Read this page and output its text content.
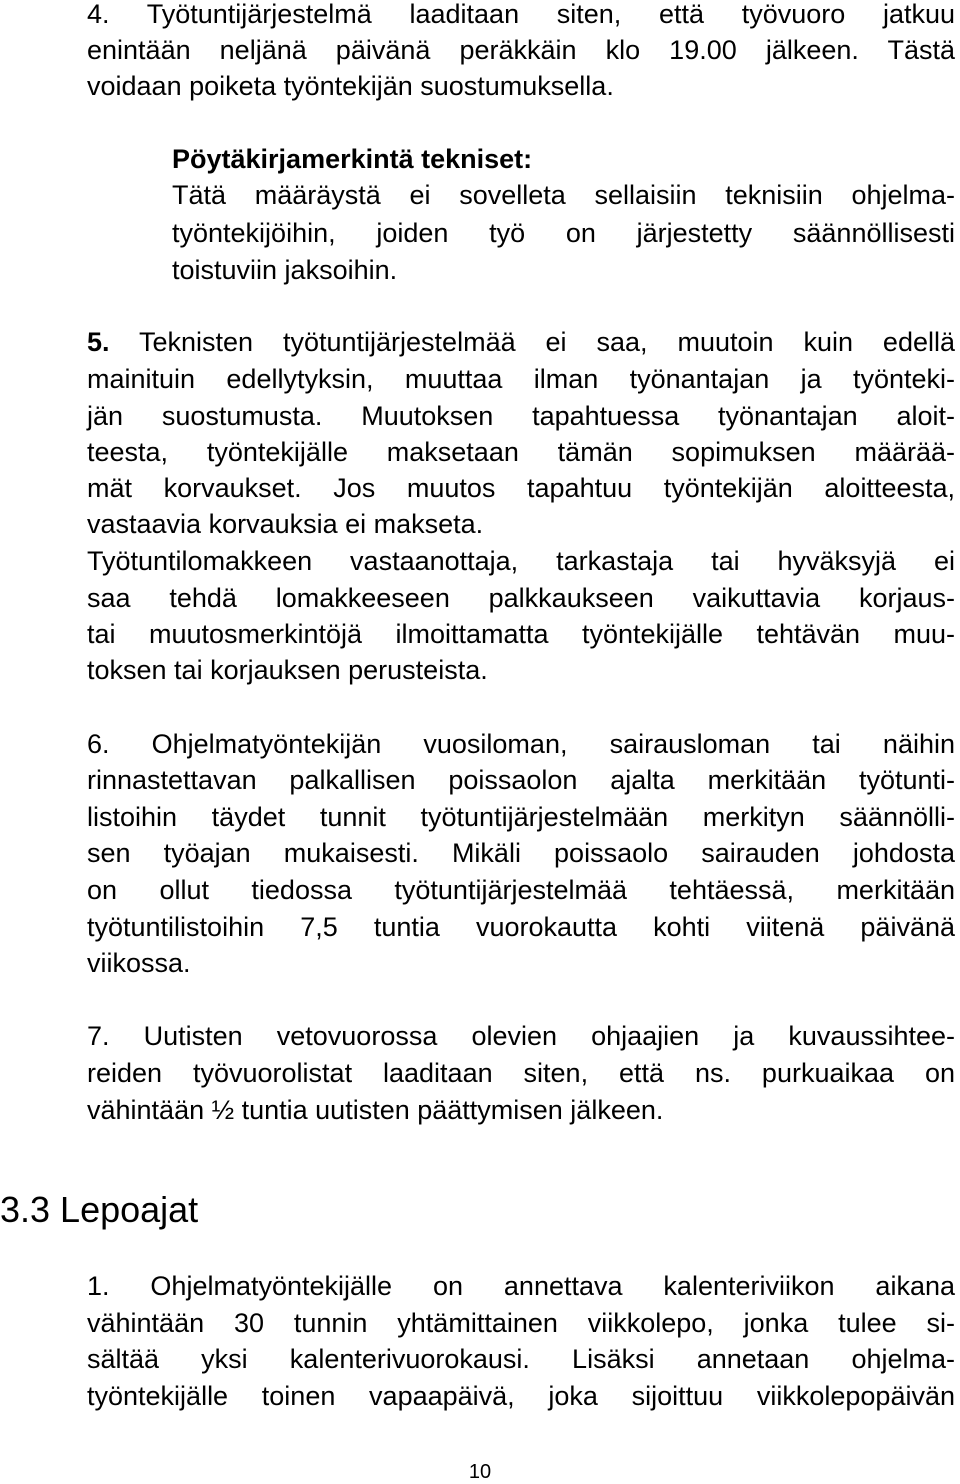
4. Työtuntijärjestelmä laaditaan siten, että työvuoro jatkuu
enintään neljänä päivänä peräkkäin klo 19.00 jälkeen. Tästä
voidaan poiketa työntekijän suostumuksella.
Pöytäkirjamerkintä tekniset:
Tätä määräystä ei sovelleta sellaisiin teknisiin ohjelma-
työntekijöihin, joiden työ on järjestetty säännöllisesti
toistuviin jaksoihin.
5. Teknisten työtuntijärjestelmää ei saa, muutoin kuin edellä
mainituin edellytyksin, muuttaa ilman työnantajan ja työnteki-
jän suostumusta. Muutoksen tapahtuessa työnantajan aloit-
teesta, työntekijälle maksetaan tämän sopimuksen määrää-
mät korvaukset. Jos muutos tapahtuu työntekijän aloitteesta,
vastaavia korvauksia ei makseta.
Työtuntilomakkeen vastaanottaja, tarkastaja tai hyväksyjä ei
saa tehdä lomakkeeseen palkkaukseen vaikuttavia korjaus-
tai muutosmerkintöjä ilmoittamatta työntekijälle tehtävän muu-
toksen tai korjauksen perusteista.
6. Ohjelmatyöntekijän vuosiloman, sairausloman tai näihin
rinnastettavan palkallisen poissaolon ajalta merkitään työtunti-
listoihin täydet tunnit työtuntijärjestelmään merkityn säännölli-
sen työajan mukaisesti. Mikäli poissaolo sairauden johdosta
on ollut tiedossa työtuntijärjestelmää tehtäessä, merkitään
työtuntilistoihin 7,5 tuntia vuorokautta kohti viitenä päivänä
viikossa.
7. Uutisten vetovuorossa olevien ohjaajien ja kuvaussihtee-
reiden työvuorolistat laaditaan siten, että ns. purkuaikaa on
vähintään ½ tuntia uutisten päättymisen jälkeen.
3.3 Lepoajat
1. Ohjelmatyöntekijälle on annettava kalenteriviikon aikana
vähintään 30 tunnin yhtämittainen viikkolepo, jonka tulee si-
sältää yksi kalenterivuorokausi. Lisäksi annetaan ohjelma-
työntekijälle toinen vapaapäivä, joka sijoittuu viikkolepopäivän
10
